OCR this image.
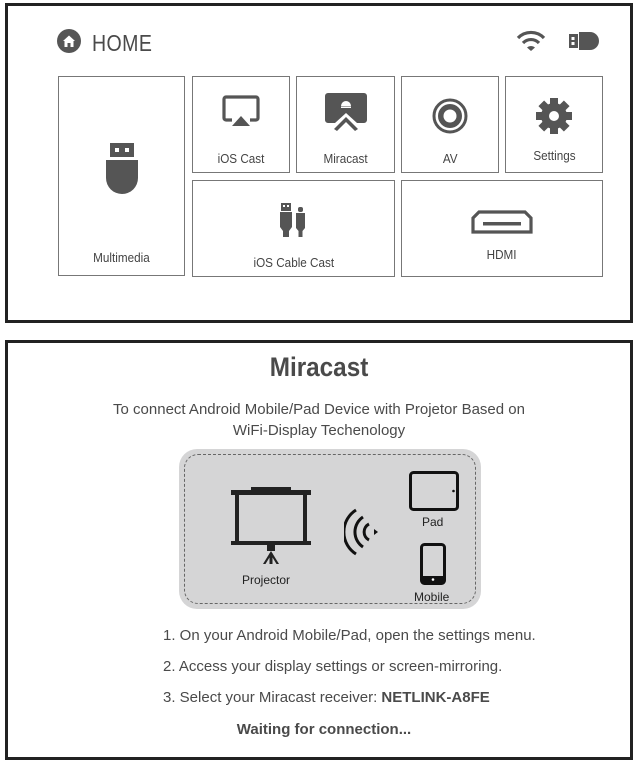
HOME
Multimedia
iOS Cast	Miracast	AV	Settings
iOS Cable Cast
HDMI
Miracast
To connect Android Mobile/Pad Device with Projetor Based on
WiFi-Display Techenology
Projector
Pad
Mobile
1. On your Android Mobile/Pad, open the settings menu.
2. Access your display settings or screen-mirroring.
3. Select your Miracast receiver: NETLINK-A8FE
Waiting for connection...
